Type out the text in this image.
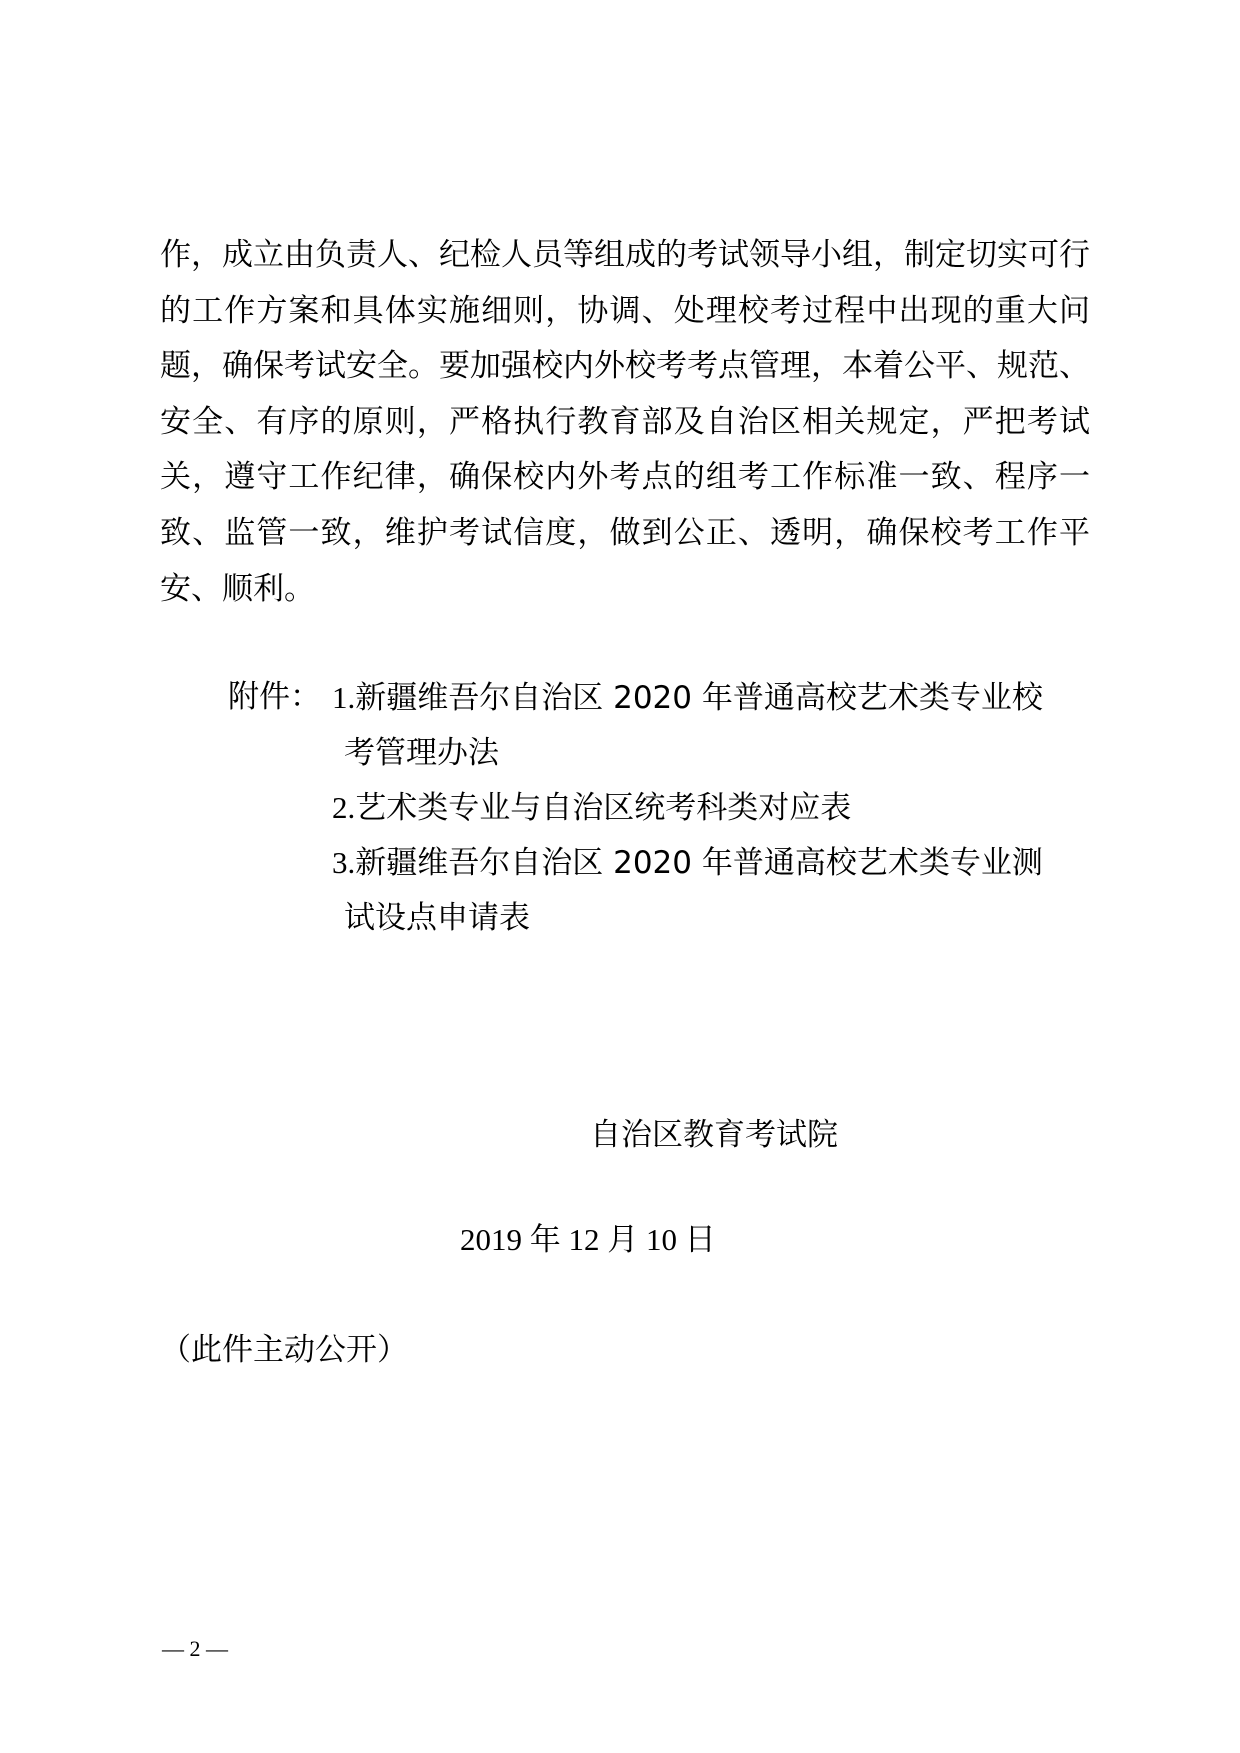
作，成立由负责人、纪检人员等组成的考试领导小组，制定切实可行的工作方案和具体实施细则，协调、处理校考过程中出现的重大问题，确保考试安全。要加强校内外校考考点管理，本着公平、规范、安全、有序的原则，严格执行教育部及自治区相关规定，严把考试关，遵守工作纪律，确保校内外考点的组考工作标准一致、程序一致、监管一致，维护考试信度，做到公正、透明，确保校考工作平安、顺利。

附件： 1.新疆维吾尔自治区 2020 年普通高校艺术类专业校
考管理办法
2.艺术类专业与自治区统考科类对应表
3.新疆维吾尔自治区 2020 年普通高校艺术类专业测
试设点申请表
自治区教育考试院
2019 年 12 月 10 日
（此件主动公开）
— 2 —
